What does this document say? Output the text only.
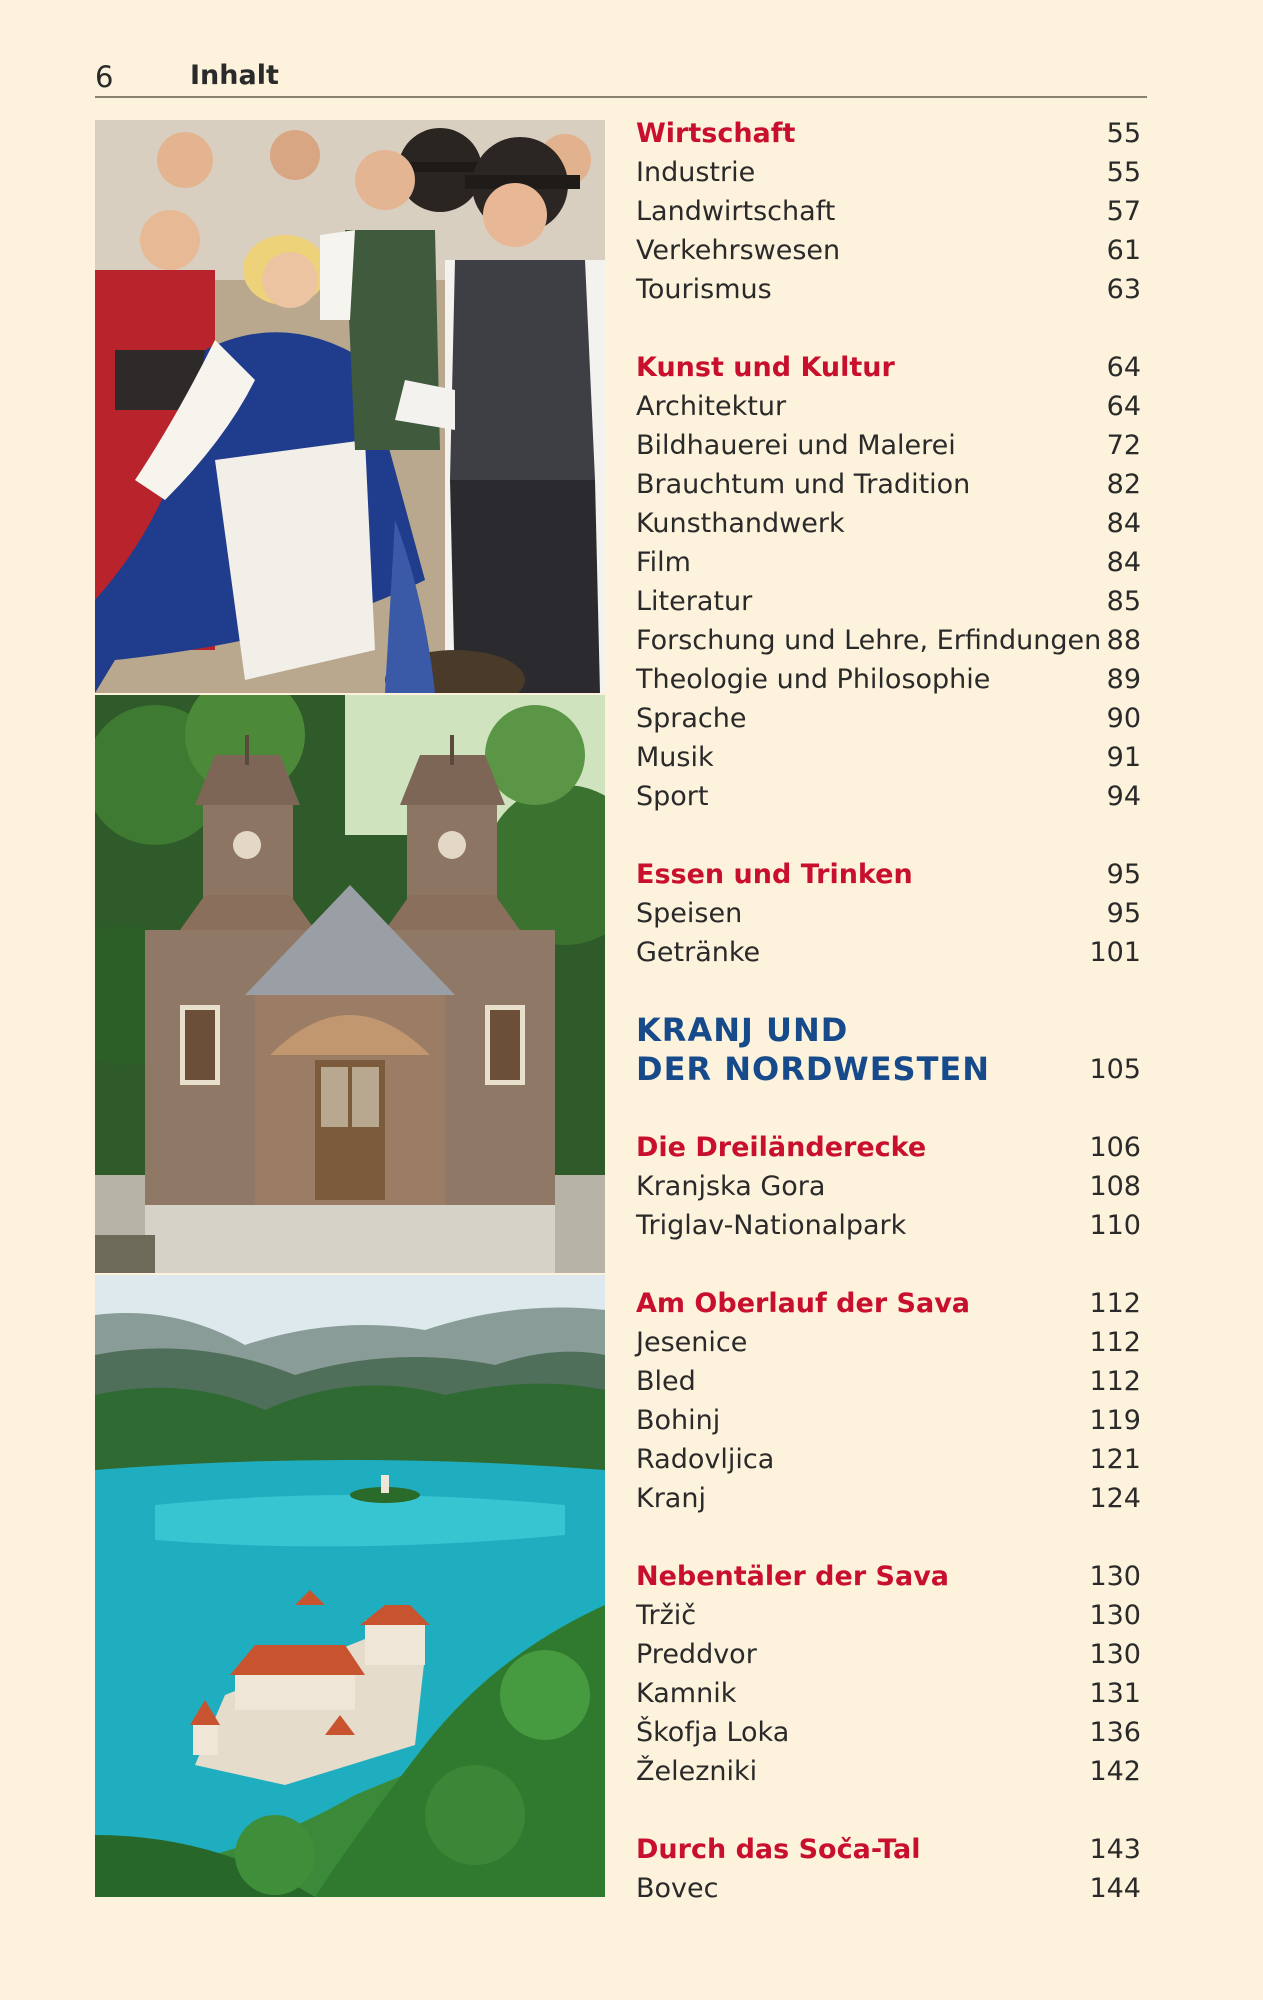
6	Inhalt
Wirtschaft	55
Industrie	55
Landwirtschaft	57
Verkehrswesen	61
Tourismus	63
Kunst und Kultur	64
Architektur	64
Bildhauerei und Malerei	72
Brauchtum und Tradition	82
Kunsthandwerk	84
Film	84
Literatur	85
Forschung und Lehre, Erfindungen 88
Theologie und Philosophie	89
Sprache	90
Musik	91
Sport	94
Essen und Trinken	95
Speisen	95
Getränke	101
KRANJ UND
DER NORDWESTEN	105
Die Dreiländerecke	106
Kranjska Gora	108
Triglav-Nationalpark	110
Am Oberlauf der Sava	112
Jesenice	112
Bled	112
Bohinj	119
Radovljica	121
Kranj	124
Nebentäler der Sava	130
Tržič	130
Preddvor	130
Kamnik	131
Škofja Loka	136
Železniki	142
Durch das Soča-Tal	143
Bovec	144
